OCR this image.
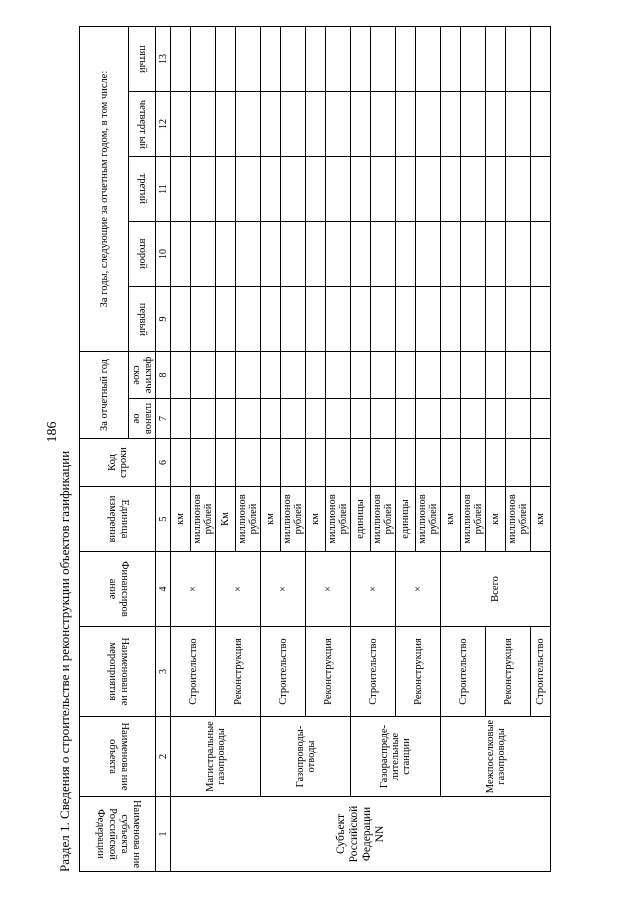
186
Раздел 1. Сведения о строительстве и реконструкции объектов газификации	Наименова ние субъекта Российской Федерации	Наименова ние объекта	Наименован ие мероприятия	Финансиров ание	Единица измерения	Код строки	За отчетный год		За годы, следующие за отчетным годом, в том числе:				
								первый	второй	третий	четверт ый	пятый
						планов ое	фактиче ское					
1	2	3	4	5	6	7	8	9	10	11	12	13
Субъект Российской Федерации NN	Магистральные газопроводы	Строительство	×	км								
				миллионов рублей								
		Реконструкция	×	Км								
				миллионов рублей								
	Газопроводы-отводы	Строительство	×	км								
				миллионов рублей								
		Реконструкция	×	км								
				миллионов рублей								
	Газораспреде-лительные станции	Строительство	×	единицы								
				миллионов рублей								
		Реконструкция	×	единицы								
				миллионов рублей								
	Межпоселковые газопроводы	Строительство	Всего	км								
				миллионов рублей								
		Реконструкция		км								
				миллионов рублей								

		Строительство		км								
